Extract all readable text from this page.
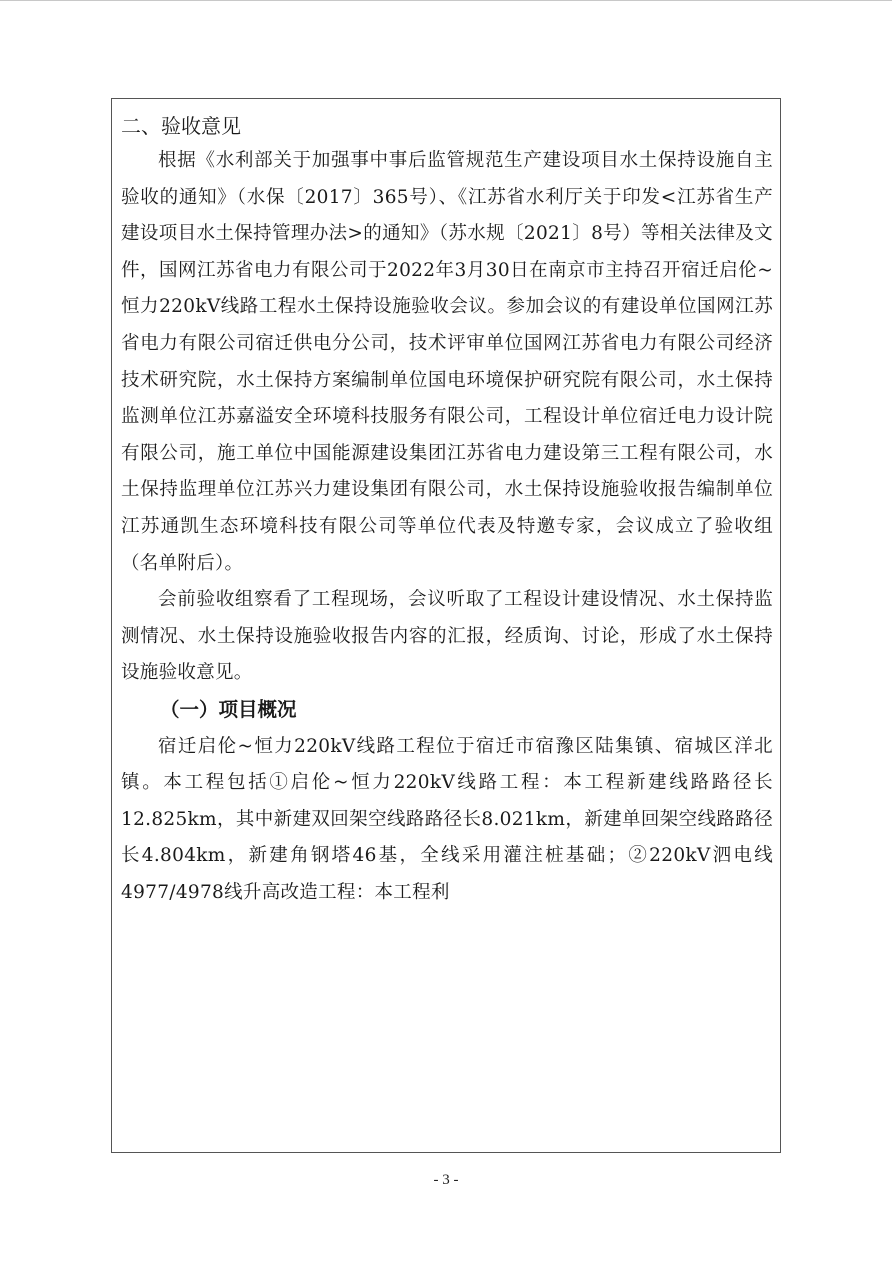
二、验收意见

根据《水利部关于加强事中事后监管规范生产建设项目水土保持设施自主验收的通知》（水保〔2017〕365号）、《江苏省水利厅关于印发<江苏省生产建设项目水土保持管理办法>的通知》（苏水规〔2021〕8号）等相关法律及文件，国网江苏省电力有限公司于2022年3月30日在南京市主持召开宿迁启伦~恒力220kV线路工程水土保持设施验收会议。参加会议的有建设单位国网江苏省电力有限公司宿迁供电分公司，技术评审单位国网江苏省电力有限公司经济技术研究院，水土保持方案编制单位国电环境保护研究院有限公司，水土保持监测单位江苏嘉溢安全环境科技服务有限公司，工程设计单位宿迁电力设计院有限公司，施工单位中国能源建设集团江苏省电力建设第三工程有限公司，水土保持监理单位江苏兴力建设集团有限公司，水土保持设施验收报告编制单位江苏通凯生态环境科技有限公司等单位代表及特邀专家，会议成立了验收组（名单附后）。

会前验收组察看了工程现场，会议听取了工程设计建设情况、水土保持监测情况、水土保持设施验收报告内容的汇报，经质询、讨论，形成了水土保持设施验收意见。

（一）项目概况

宿迁启伦~恒力220kV线路工程位于宿迁市宿豫区陆集镇、宿城区洋北镇。本工程包括①启伦~恒力220kV线路工程：本工程新建线路路径长12.825km，其中新建双回架空线路路径长8.021km，新建单回架空线路路径长4.804km，新建角钢塔46基，全线采用灌注桩基础；②220kV泗电线4977/4978线升高改造工程：本工程利

- 3 -
